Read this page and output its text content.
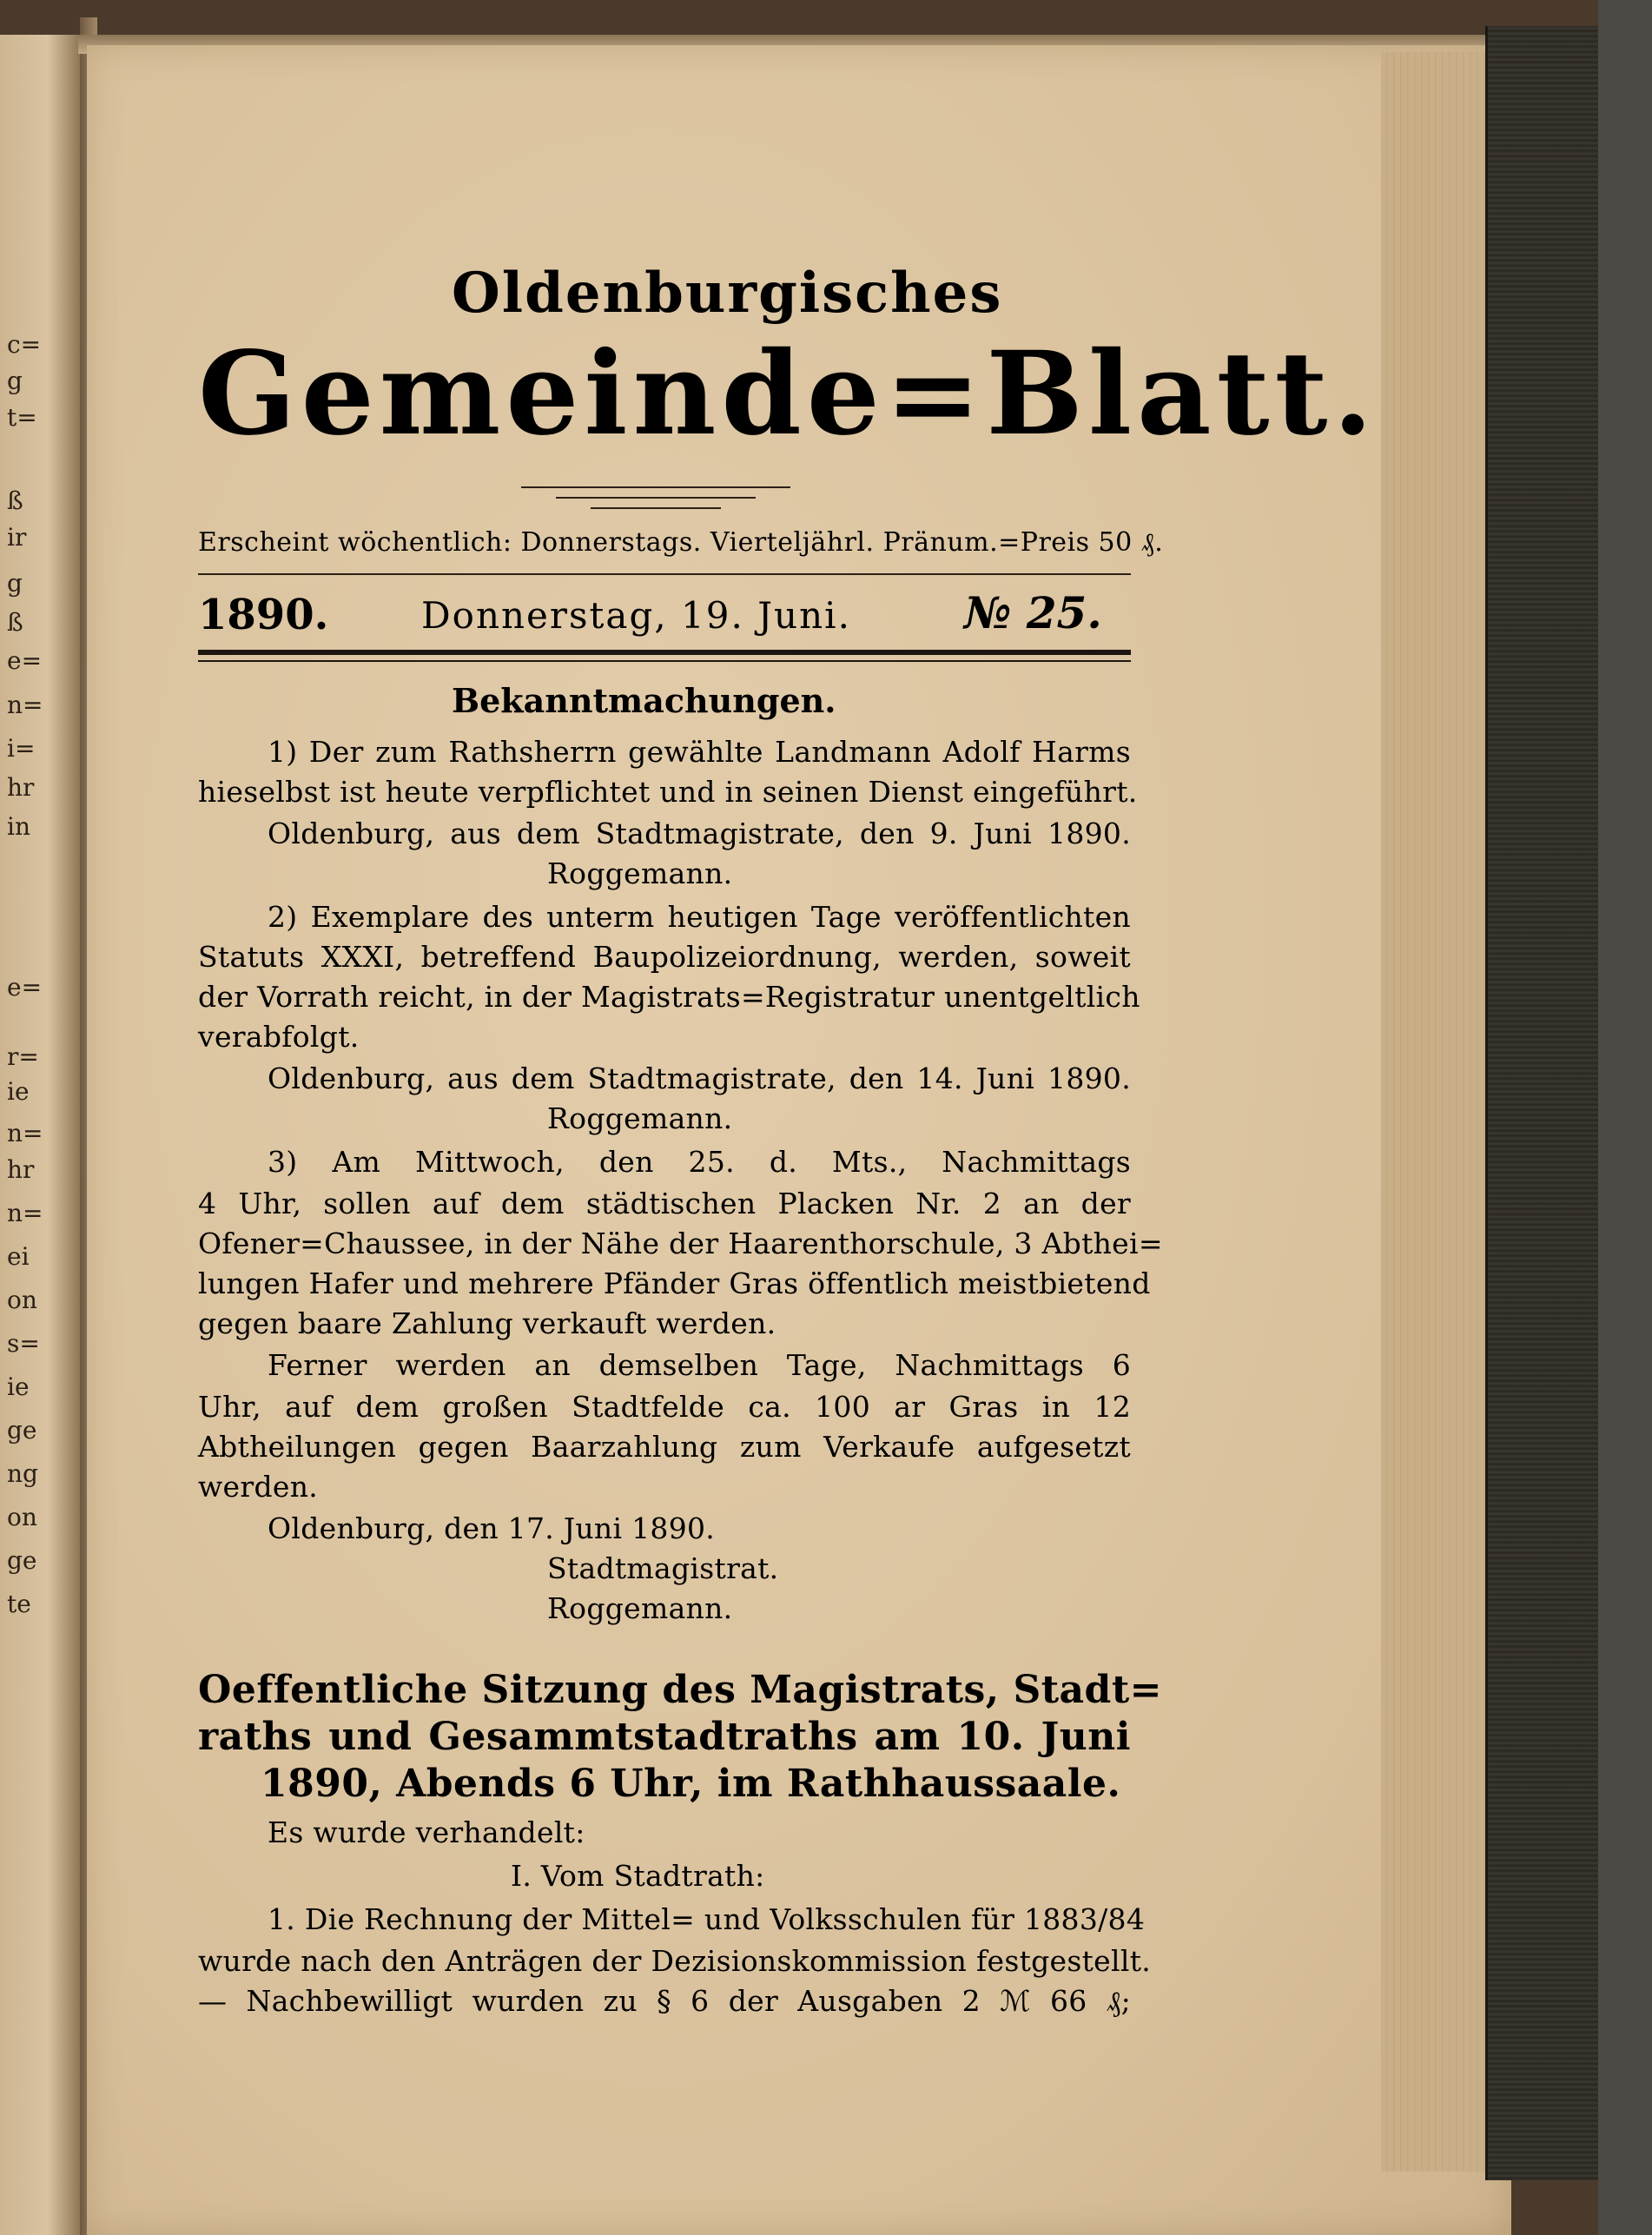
c=
g
t=
ß
ir
g
ß
e=
n=
i=
hr
in
e=
r=
ie
n=
hr
n=
ei
on
s=
ie
ge
ng
on
ge
te
Oldenburgisches
Gemeinde=Blatt.
Erscheint wöchentlich: Donnerstags. Vierteljährl. Pränum.=Preis 50 ₰.
1890.	Donnerstag, 19. Juni.	№ 25.
Bekanntmachungen.
1) Der zum Rathsherrn gewählte Landmann Adolf Harms
hieselbst ist heute verpflichtet und in seinen Dienst eingeführt.
Oldenburg, aus dem Stadtmagistrate, den 9. Juni 1890.
Roggemann.
2) Exemplare des unterm heutigen Tage veröffentlichten
Statuts XXXI, betreffend Baupolizeiordnung, werden, soweit
der Vorrath reicht, in der Magistrats=Registratur unentgeltlich
verabfolgt.
Oldenburg, aus dem Stadtmagistrate, den 14. Juni 1890.
Roggemann.
3) Am Mittwoch, den 25. d. Mts., Nachmittags
4 Uhr, sollen auf dem städtischen Placken Nr. 2 an der
Ofener=Chaussee, in der Nähe der Haarenthorschule, 3 Abthei=
lungen Hafer und mehrere Pfänder Gras öffentlich meistbietend
gegen baare Zahlung verkauft werden.
Ferner werden an demselben Tage, Nachmittags 6
Uhr, auf dem großen Stadtfelde ca. 100 ar Gras in 12
Abtheilungen gegen Baarzahlung zum Verkaufe aufgesetzt
werden.
Oldenburg, den 17. Juni 1890.
Stadtmagistrat.
Roggemann.
Oeffentliche Sitzung des Magistrats, Stadt=
raths und Gesammtstadtraths am 10. Juni
1890, Abends 6 Uhr, im Rathhaussaale.
Es wurde verhandelt:
I. Vom Stadtrath:
1. Die Rechnung der Mittel= und Volksschulen für 1883/84
wurde nach den Anträgen der Dezisionskommission festgestellt.
— Nachbewilligt wurden zu § 6 der Ausgaben 2 ℳ 66 ₰;
